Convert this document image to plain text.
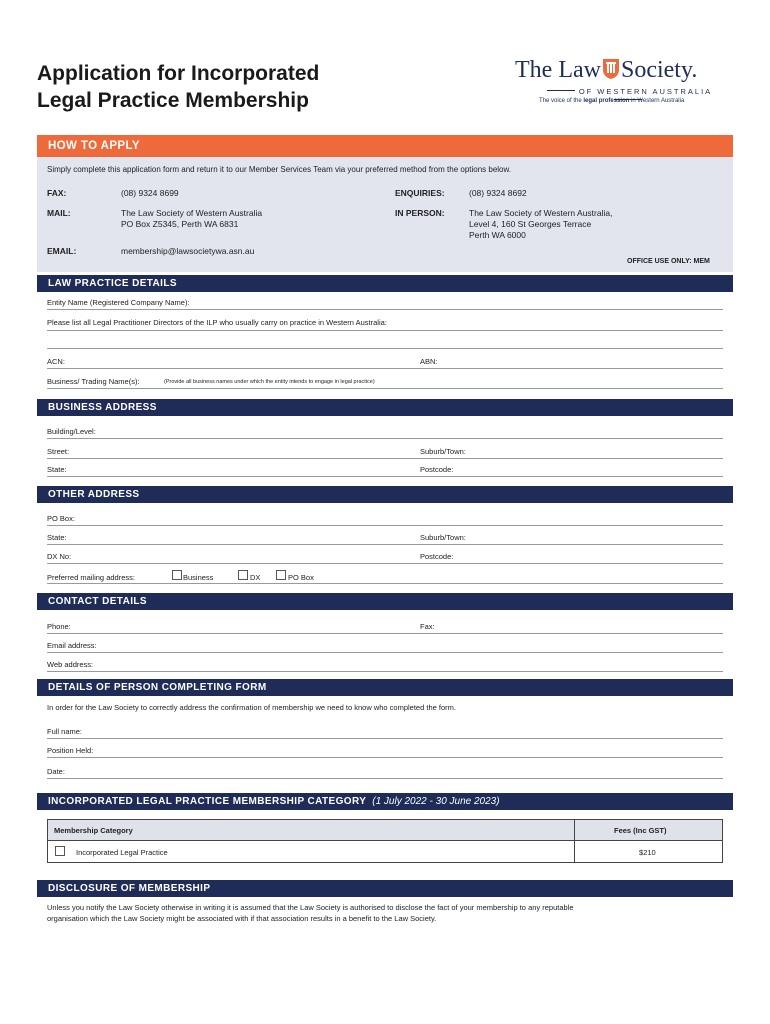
Application for Incorporated
Legal Practice Membership
The Law Society.
OF WESTERN AUSTRALIA
The voice of the legal profession in Western Australia
HOW TO APPLY
Simply complete this application form and return it to our Member Services Team via your preferred method from the options below.
FAX:	(08) 9324 8699
MAIL:	The Law Society of Western Australia
PO Box Z5345, Perth WA 6831
EMAIL:	membership@lawsocietywa.asn.au
ENQUIRIES:	(08) 9324 8692
IN PERSON:	The Law Society of Western Australia,
Level 4, 160 St Georges Terrace
Perth WA 6000
OFFICE USE ONLY: MEM
LAW PRACTICE DETAILS
Entity Name (Registered Company Name):
Please list all Legal Practitioner Directors of the ILP who usually carry on practice in Western Australia:
ACN:	ABN:
Business/ Trading Name(s):	(Provide all business names under which the entity intends to engage in legal practice)
BUSINESS ADDRESS
Building/Level:
Street:	Suburb/Town:
State:	Postcode:
OTHER ADDRESS
PO Box:
State:	Suburb/Town:
DX No:	Postcode:
Preferred mailing address:	Business	DX	PO Box
CONTACT DETAILS
Phone:	Fax:
Email address:
Web address:
DETAILS OF PERSON COMPLETING FORM
In order for the Law Society to correctly address the confirmation of membership we need to know who completed the form.
Full name:
Position Held:
Date:
INCORPORATED LEGAL PRACTICE MEMBERSHIP CATEGORY (1 July 2022 - 30 June 2023)
Membership Category	Fees (Inc GST)
Incorporated Legal Practice	$210
DISCLOSURE OF MEMBERSHIP
Unless you notify the Law Society otherwise in writing it is assumed that the Law Society is authorised to disclose the fact of your membership to any reputable
organisation which the Law Society might be associated with if that association results in a benefit to the Law Society.
